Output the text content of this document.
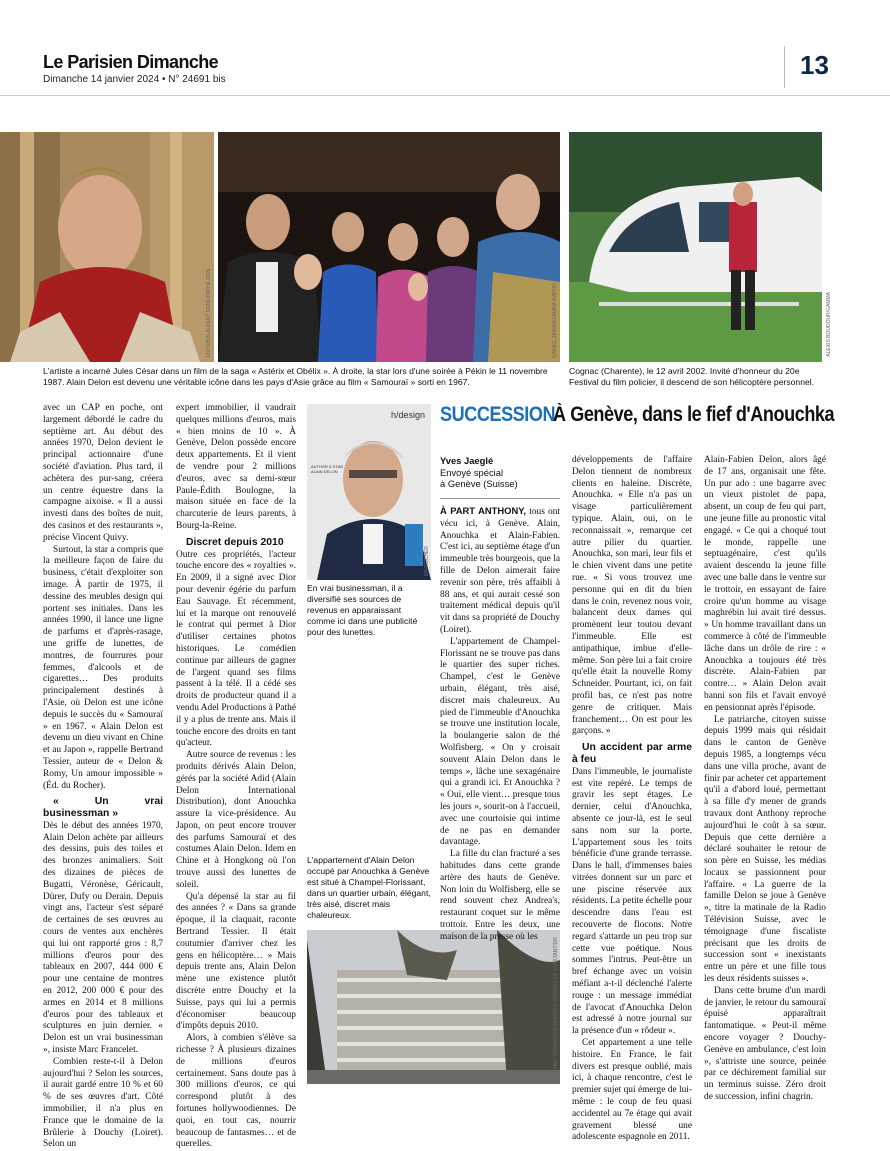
Le Parisien Dimanche
Dimanche 14 janvier 2024 • N° 24691 bis	13
EDITIONS ALBERT RENE/PATHE REN	DANIEL SIMON/GAMMA RAPHO	ALEXIS BOUDOUR/GAMMA
L'artiste a incarné Jules César dans un film de la saga « Astérix et Obélix ». À droite, la star lors d'une soirée à Pékin le 11 novembre 1987. Alain Delon est devenu une véritable icône dans les pays d'Asie grâce au film « Samouraï » sorti en 1967.
Cognac (Charente), le 12 avril 2002. Invité d'honneur du 20e Festival du film policier, il descend de son hélicoptère personnel.

avec un CAP en poche, ont largement débordé le cadre du septième art. Au début des années 1970, Delon devient le principal actionnaire d'une société d'aviation. Plus tard, il achètera des pur-sang, créera un centre équestre dans la campagne aixoise. « Il a aussi investi dans des boîtes de nuit, des casinos et des restaurants », précise Vincent Quivy.

Surtout, la star a compris que la meilleure façon de faire du business, c'était d'exploiter son image. À partir de 1975, il dessine des meubles design qui portent ses initiales. Dans les années 1990, il lance une ligne de parfums et d'après-rasage, une griffe de lunettes, de montres, de fourrures pour femmes, d'alcools et de cigarettes… Des produits principalement destinés à l'Asie, où Delon est une icône depuis le succès du « Samouraï » en 1967. « Alain Delon est devenu un dieu vivant en Chine et au Japon », rappelle Bertrand Tessier, auteur de « Delon & Romy, Un amour impossible » (Éd. du Rocher).

« Un vrai businessman »

Dès le début des années 1970, Alain Delon achète par ailleurs des dessins, puis des toiles et des bronzes animaliers. Soit des dizaines de pièces de Bugatti, Véronèse, Géricault, Dürer, Dufy ou Derain. Depuis vingt ans, l'acteur s'est séparé de certaines de ses œuvres au cours de ventes aux enchères qui lui ont rapporté gros : 8,7 millions d'euros pour des tableaux en 2007, 444 000 € pour une centaine de montres en 2012, 200 000 € pour des armes en 2014 et 8 millions d'euros pour des tableaux et sculptures en juin dernier. « Delon est un vrai businessman », insiste Marc Francelet.

Combien reste-t-il à Delon aujourd'hui ? Selon les sources, il aurait gardé entre 10 % et 60 % de ses œuvres d'art. Côté immobilier, il n'a plus en France que le domaine de la Brûlerie à Douchy (Loiret). Selon un

expert immobilier, il vaudrait quelques millions d'euros, mais « bien moins de 10 ». À Genève, Delon possède encore deux appartements. Et il vient de vendre pour 2 millions d'euros, avec sa demi-sœur Paule-Édith Boulogne, la maison située en face de la charcuterie de leurs parents, à Bourg-la-Reine.

Discret depuis 2010

Outre ces propriétés, l'acteur touche encore des « royalties ». En 2009, il a signé avec Dior pour devenir égérie du parfum Eau Sauvage. Et récemment, lui et la marque ont renouvelé le contrat qui permet à Dior d'utiliser certaines photos historiques. Le comédien continue par ailleurs de gagner de l'argent quand ses films passent à la télé. Il a cédé ses droits de producteur quand il a vendu Adel Productions à Pathé il y a plus de trente ans. Mais il touche encore des droits en tant qu'acteur.

Autre source de revenus : les produits dérivés Alain Delon, gérés par la société Adid (Alain Delon International Distribution), dont Anouchka assure la vice-présidence. Au Japon, on peut encore trouver des parfums Samouraï et des costumes Alain Delon. Idem en Chine et à Hongkong où l'on trouve aussi des lunettes de soleil.

Qu'a dépensé la star au fil des années ? « Dans sa grande époque, il la claquait, raconte Bertrand Tessier. Il était coutumier d'arriver chez les gens en hélicoptère… » Mais depuis trente ans, Alain Delon mène une existence plutôt discrète entre Douchy et la Suisse, pays qui lui a permis d'économiser beaucoup d'impôts depuis 2010.

Alors, à combien s'élève sa richesse ? À plusieurs dizaines de millions d'euros certainement. Sans doute pas à 300 millions d'euros, ce qui correspond plutôt à des fortunes hollywoodiennes. De quoi, en tout cas, nourrir beaucoup de fantasmes… et de querelles.

h/design
AUTHOR & STAR ALAIN DELON
DR/ROCHER
En vrai businessman, il a diversifié ses sources de revenus en apparaissant comme ici dans une publicité pour des lunettes.
L'appartement d'Alain Delon occupé par Anouchka à Genève est situé à Champel-Florissant, dans un quartier urbain, élégant, très aisé, discret mais chaleureux.
ETIENNE TRAN-NGOC/LEMATIN-CAHIERS DE L'INSTANT/DR
SUCCESSION
À Genève, dans le fief d'Anouchka
Yves Jaeglé
Envoyé spécial
à Genève (Suisse)

À PART ANTHONY, tous ont vécu ici, à Genève. Alain, Anouchka et Alain-Fabien. C'est ici, au septième étage d'un immeuble très bourgeois, que la fille de Delon aimerait faire revenir son père, très affaibli à 88 ans, et qui aurait cessé son traitement médical depuis qu'il vit dans sa propriété de Douchy (Loiret).

L'appartement de Champel-Florissant ne se trouve pas dans le quartier des super riches. Champel, c'est le Genève urbain, élégant, très aisé, discret mais chaleureux. Au pied de l'immeuble d'Anouchka se trouve une institution locale, la boulangerie salon de thé Wolfisberg. « On y croisait souvent Alain Delon dans le temps », lâche une sexagénaire qui a grandi ici. Et Anouchka ? « Oui, elle vient… presque tous les jours », sourit-on à l'accueil, avec une courtoisie qui intime de ne pas en demander davantage.

La fille du clan fracturé a ses habitudes dans cette grande artère des hauts de Genève. Non loin du Wolfisberg, elle se rend souvent chez Andrea's, restaurant coquet sur le même trottoir. Entre les deux, une maison de la presse où les

développements de l'affaire Delon tiennent de nombreux clients en haleine. Discrète, Anouchka. « Elle n'a pas un visage particulièrement typique. Alain, oui, on le reconnaissait », remarque cet autre pilier du quartier. Anouchka, son mari, leur fils et le chien vivent dans une petite rue. « Si vous trouvez une personne qui en dit du bien dans le coin, revenez nous voir, balancent deux dames qui promènent leur toutou devant l'immeuble. Elle est antipathique, imbue d'elle-même. Son père lui a fait croire qu'elle était la nouvelle Romy Schneider. Pourtant, ici, on fait profil bas, ce n'est pas notre genre de critiquer. Mais franchement… On est pour les garçons. »

Un accident par arme à feu

Dans l'immeuble, le journaliste est vite repéré. Le temps de gravir les sept étages. Le dernier, celui d'Anouchka, absente ce jour-là, est le seul sans nom sur la porte. L'appartement sous les toits bénéficie d'une grande terrasse. Dans le hall, d'immenses baies vitrées donnent sur un parc et une piscine réservée aux résidents. La petite échelle pour descendre dans l'eau est recouverte de flocons. Notre regard s'attarde un peu trop sur cette vue poétique. Nous sommes l'intrus. Peut-être un bref échange avec un voisin méfiant a-t-il déclenché l'alerte rouge : un message immédiat de l'avocat d'Anouchka Delon est adressé à notre journal sur la présence d'un « rôdeur ».

Cet appartement a une telle histoire. En France, le fait divers est presque oublié, mais ici, à chaque rencontre, c'est le premier sujet qui émerge de lui-même : le coup de feu quasi accidentel au 7e étage qui avait gravement blessé une adolescente espagnole en 2011.

Alain-Fabien Delon, alors âgé de 17 ans, organisait une fête. Un pur ado : une bagarre avec un vieux pistolet de papa, absent, un coup de feu qui part, une jeune fille au pronostic vital engagé. « Ce qui a choqué tout le monde, rappelle une septuagénaire, c'est qu'ils avaient descendu la jeune fille avec une balle dans le ventre sur le trottoir, en essayant de faire croire qu'un homme au visage maghrébin lui avait tiré dessus. » Un homme travaillant dans un commerce à côté de l'immeuble lâche dans un drôle de rire : « Anouchka a toujours été très discrète. Alain-Fabien par contre… » Alain Delon avait banni son fils et l'avait envoyé en pensionnat après l'épisode.

Le patriarche, citoyen suisse depuis 1999 mais qui résidait dans le canton de Genève depuis 1985, a longtemps vécu dans une villa proche, avant de finir par acheter cet appartement qu'il a d'abord loué, permettant à sa fille d'y mener de grands travaux dont Anthony reproche aujourd'hui le coût à sa sœur. Depuis que cette dernière a déclaré souhaiter le retour de son père en Suisse, les médias locaux se passionnent pour l'affaire. « La guerre de la famille Delon se joue à Genève », titre la matinale de la Radio Télévision Suisse, avec le témoignage d'une fiscaliste précisant que les droits de succession sont « inexistants entre un père et une fille tous les deux résidents suisses ».

Dans cette brume d'un mardi de janvier, le retour du samouraï épuisé apparaîtrait fantomatique. « Peut-il même encore voyager ? Douchy-Genève en ambulance, c'est loin », s'attriste une source, peinée par ce déchirement familial sur un terminus suisse. Zéro droit de succession, infini chagrin.
